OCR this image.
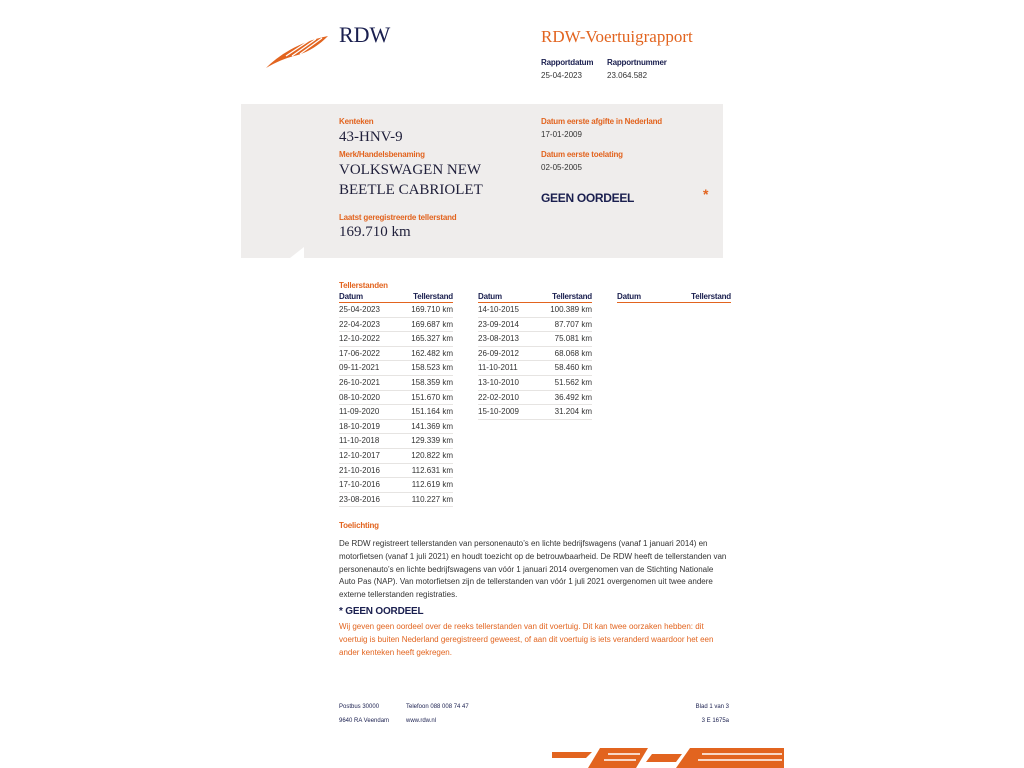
RDW	RDW-Voertuigrapport
Rapportdatum
25-04-2023
Rapportnummer
23.064.582
Kenteken
43-HNV-9
Merk/Handelsbenaming
VOLKSWAGEN NEW
BEETLE CABRIOLET
Laatst geregistreerde tellerstand
169.710 km
Datum eerste afgifte in Nederland
17-01-2009
Datum eerste toelating
02-05-2005
GEEN OORDEEL	*
Tellerstanden
Datum	Tellerstand
25-04-2023	169.710 km
22-04-2023	169.687 km
12-10-2022	165.327 km
17-06-2022	162.482 km
09-11-2021	158.523 km
26-10-2021	158.359 km
08-10-2020	151.670 km
11-09-2020	151.164 km
18-10-2019	141.369 km
11-10-2018	129.339 km
12-10-2017	120.822 km
21-10-2016	112.631 km
17-10-2016	112.619 km
23-08-2016	110.227 km
Datum	Tellerstand
14-10-2015	100.389 km
23-09-2014	87.707 km
23-08-2013	75.081 km
26-09-2012	68.068 km
11-10-2011	58.460 km
13-10-2010	51.562 km
22-02-2010	36.492 km
15-10-2009	31.204 km
Datum	Tellerstand
Toelichting
De RDW registreert tellerstanden van personenauto’s en lichte bedrijfswagens (vanaf 1 januari 2014) en motorfietsen (vanaf 1 juli 2021) en houdt toezicht op de betrouwbaarheid. De RDW heeft de tellerstanden van personenauto’s en lichte bedrijfswagens van vóór 1 januari 2014 overgenomen van de Stichting Nationale Auto Pas (NAP). Van motorfietsen zijn de tellerstanden van vóór 1 juli 2021 overgenomen uit twee andere externe tellerstanden registraties.
* GEEN OORDEEL
Wij geven geen oordeel over de reeks tellerstanden van dit voertuig. Dit kan twee oorzaken hebben: dit voertuig is buiten Nederland geregistreerd geweest, of aan dit voertuig is iets veranderd waardoor het een ander kenteken heeft gekregen.
Postbus 30000
9640 RA Veendam
Telefoon 088 008 74 47
www.rdw.nl
Blad 1 van 3
3 E 1675a
